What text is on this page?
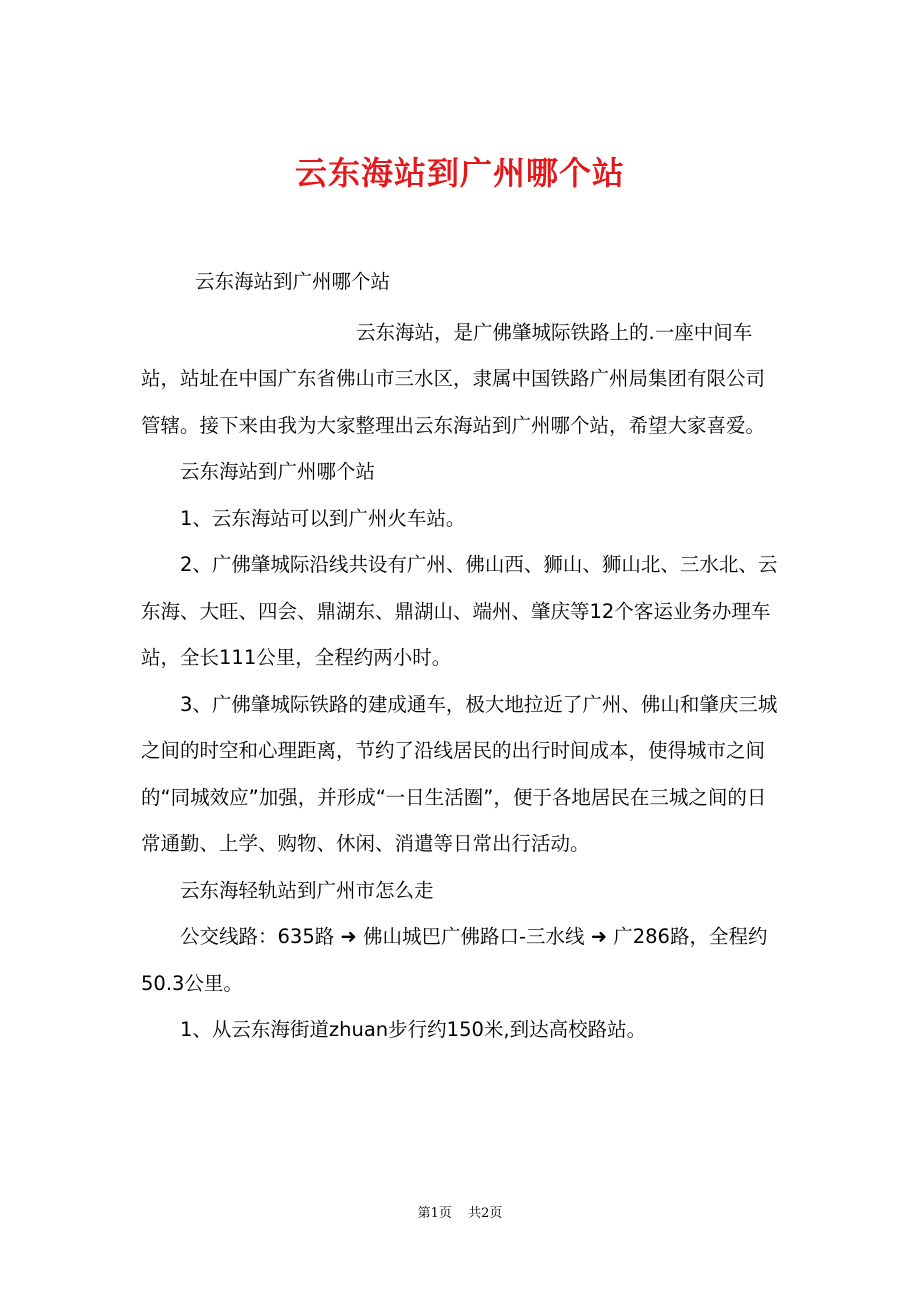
云东海站到广州哪个站

云东海站到广州哪个站

云东海站，是广佛肇城际铁路上的.一座中间车站，站址在中国广东省佛山市三水区，隶属中国铁路广州局集团有限公司管辖。接下来由我为大家整理出云东海站到广州哪个站，希望大家喜爱。

云东海站到广州哪个站

1、云东海站可以到广州火车站。

2、广佛肇城际沿线共设有广州、佛山西、狮山、狮山北、三水北、云东海、大旺、四会、鼎湖东、鼎湖山、端州、肇庆等12个客运业务办理车站，全长111公里，全程约两小时。

3、广佛肇城际铁路的建成通车，极大地拉近了广州、佛山和肇庆三城之间的时空和心理距离，节约了沿线居民的出行时间成本，使得城市之间的“同城效应”加强，并形成“一日生活圈”，便于各地居民在三城之间的日常通勤、上学、购物、休闲、消遣等日常出行活动。

云东海轻轨站到广州市怎么走

公交线路：635路 ➜ 佛山城巴广佛路口-三水线 ➜ 广286路，全程约50.3公里。

1、从云东海街道zhuan步行约150米,到达高校路站。

第1页 共2页
